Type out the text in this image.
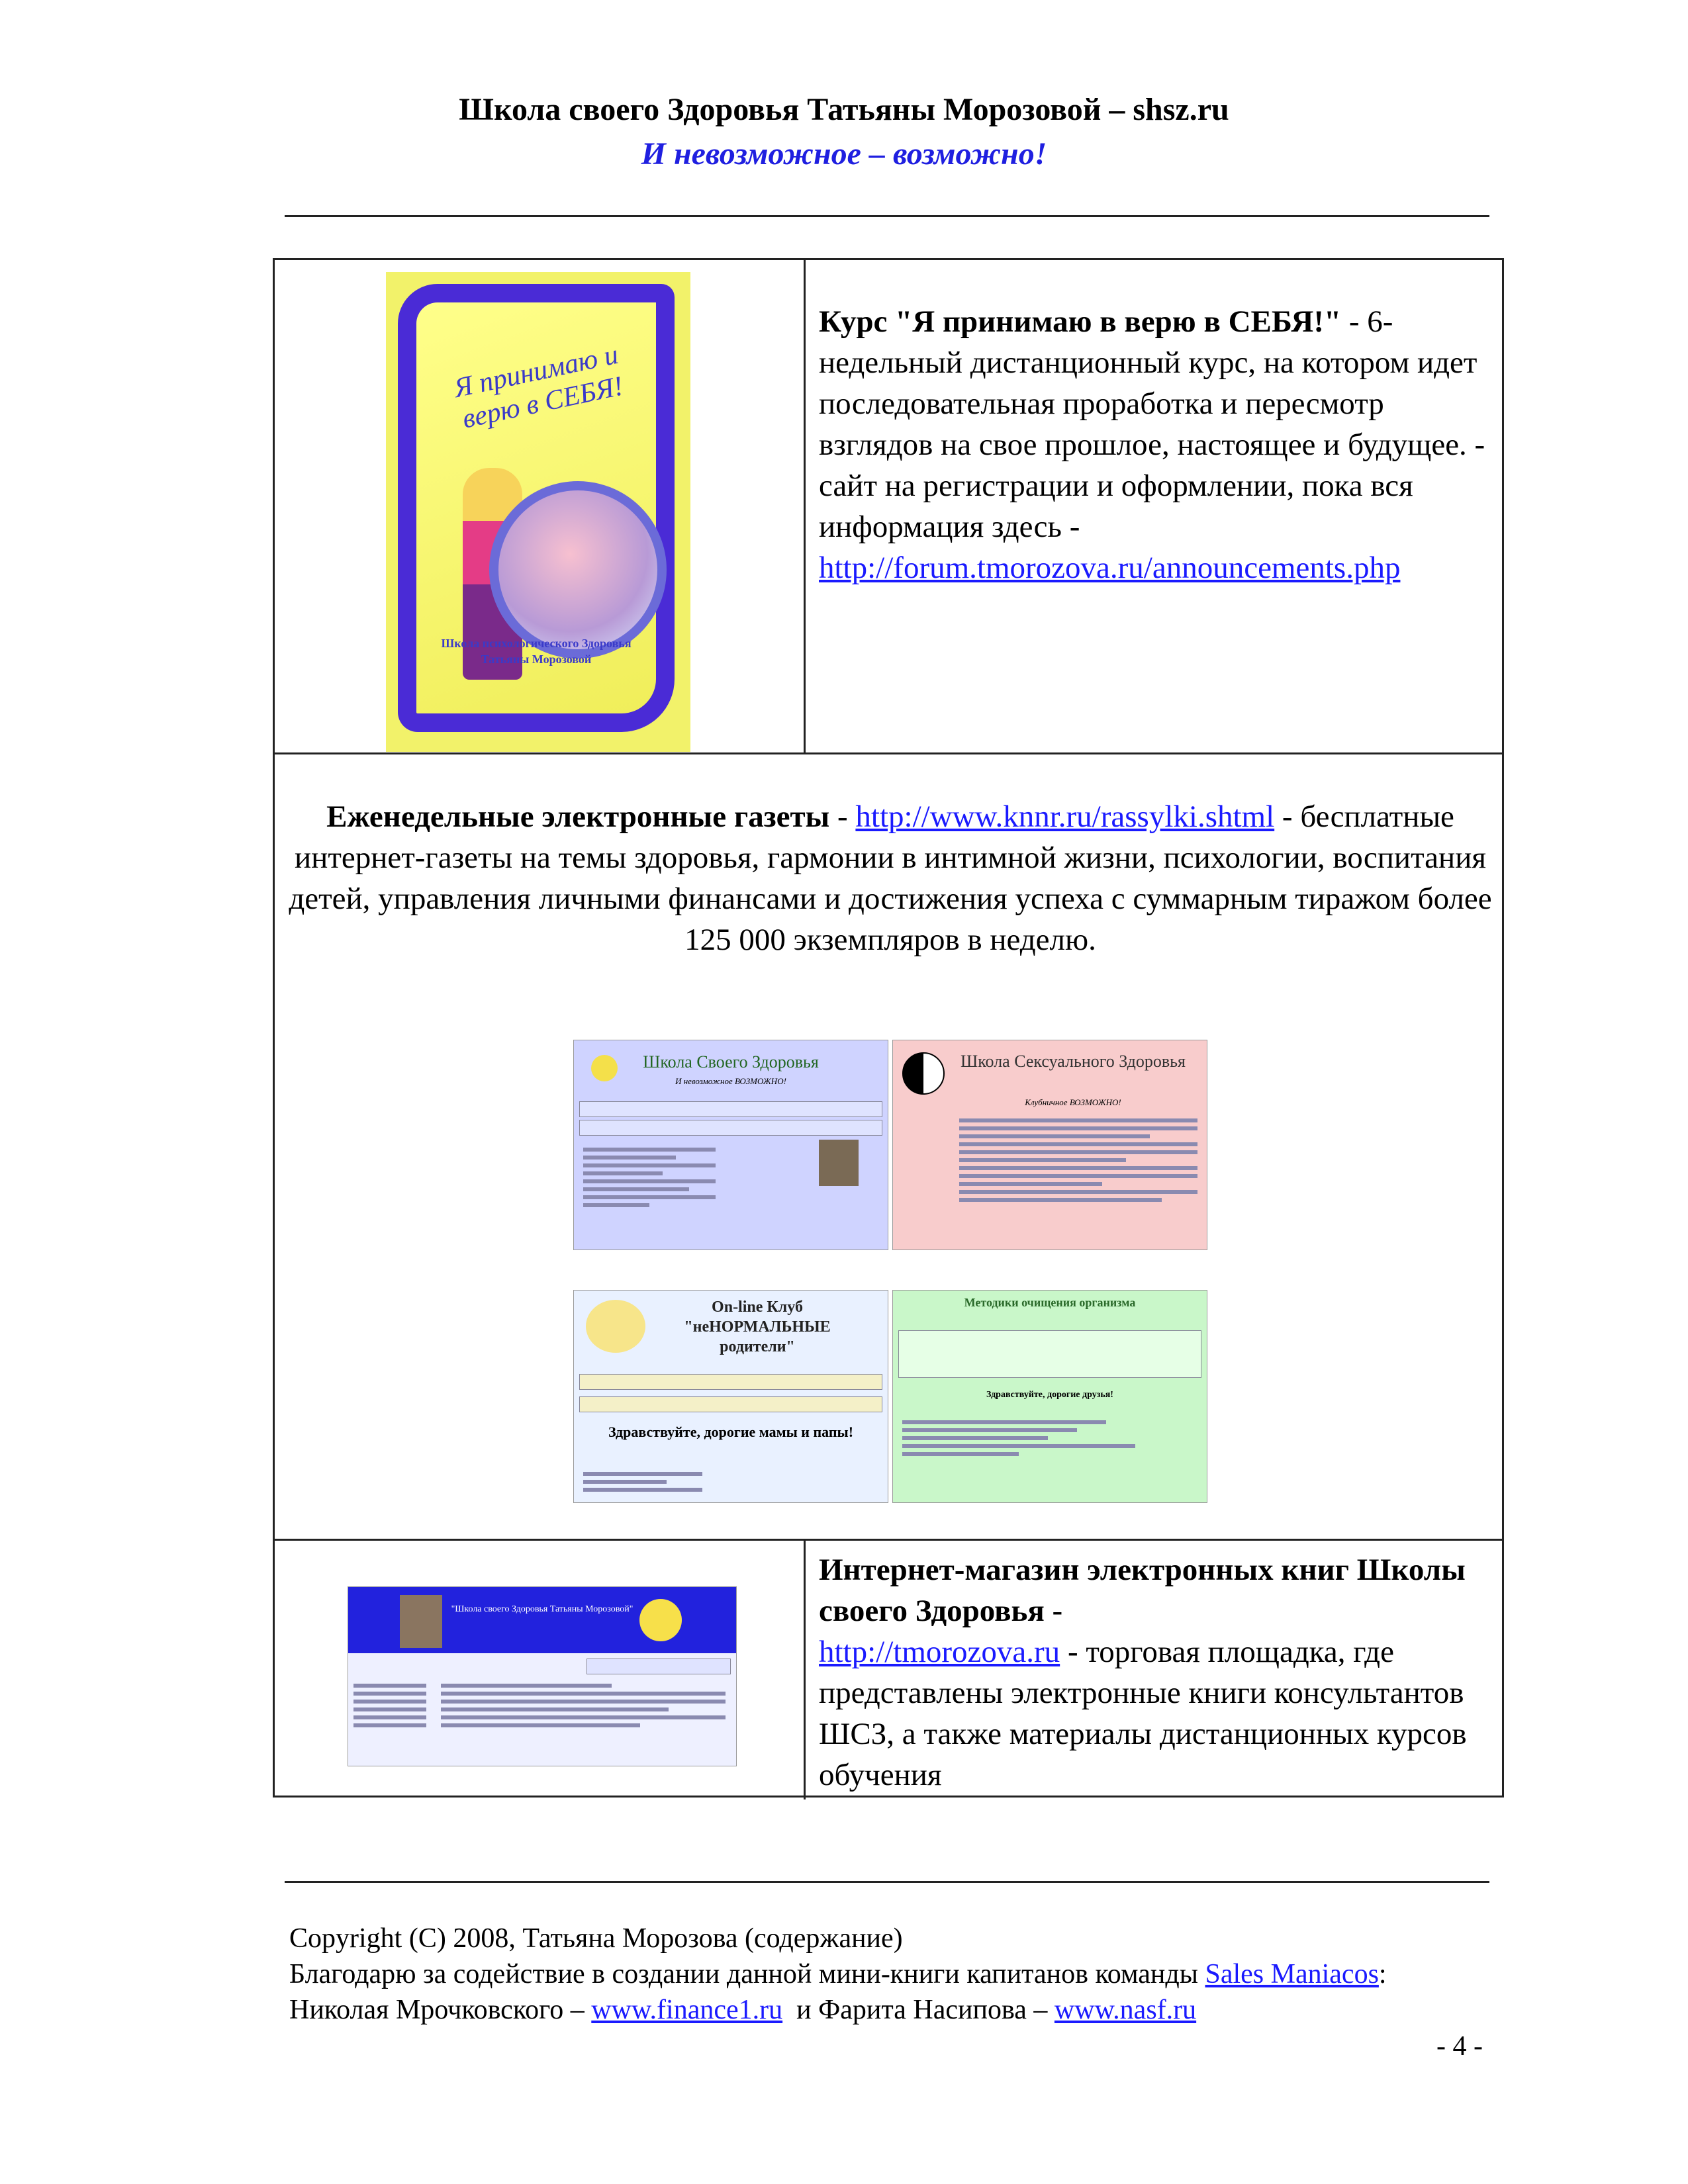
Школа своего Здоровья Татьяны Морозовой – shsz.ru
И невозможное – возможно!
Я принимаю и верю в СЕБЯ!
Школа психологического Здоровья Татьяны Морозовой
Курс "Я принимаю в верю в СЕБЯ!" - 6-недельный дистанционный курс, на котором идет последовательная проработка и пересмотр взглядов на свое прошлое, настоящее и будущее. - сайт на регистрации и оформлении, пока вся информация здесь - http://forum.tmorozova.ru/announcements.php
Еженедельные электронные газеты - http://www.knnr.ru/rassylki.shtml - бесплатные интернет-газеты на темы здоровья, гармонии в интимной жизни, психологии, воспитания детей, управления личными финансами и достижения успеха с суммарным тиражом более 125 000 экземпляров в неделю.
Школа Своего Здоровья
И невозможное ВОЗМОЖНО!
Школа Сексуального Здоровья
Клубничное ВОЗМОЖНО!
On-line Клуб "неНОРМАЛЬНЫЕ родители"
Здравствуйте, дорогие мамы и папы!
Методики очищения организма
Здравствуйте, дорогие друзья!
"Школа своего Здоровья Татьяны Морозовой"
Интернет-магазин электронных книг Школы своего Здоровья -
http://tmorozova.ru - торговая площадка, где представлены электронные книги консультантов ШСЗ, а также материалы дистанционных курсов обучения
Copyright (C) 2008, Татьяна Морозова (содержание)
Благодарю за содействие в создании данной мини-книги капитанов команды Sales Maniacos: Николая Мрочковского – www.finance1.ru  и Фарита Насипова – www.nasf.ru
- 4 -
